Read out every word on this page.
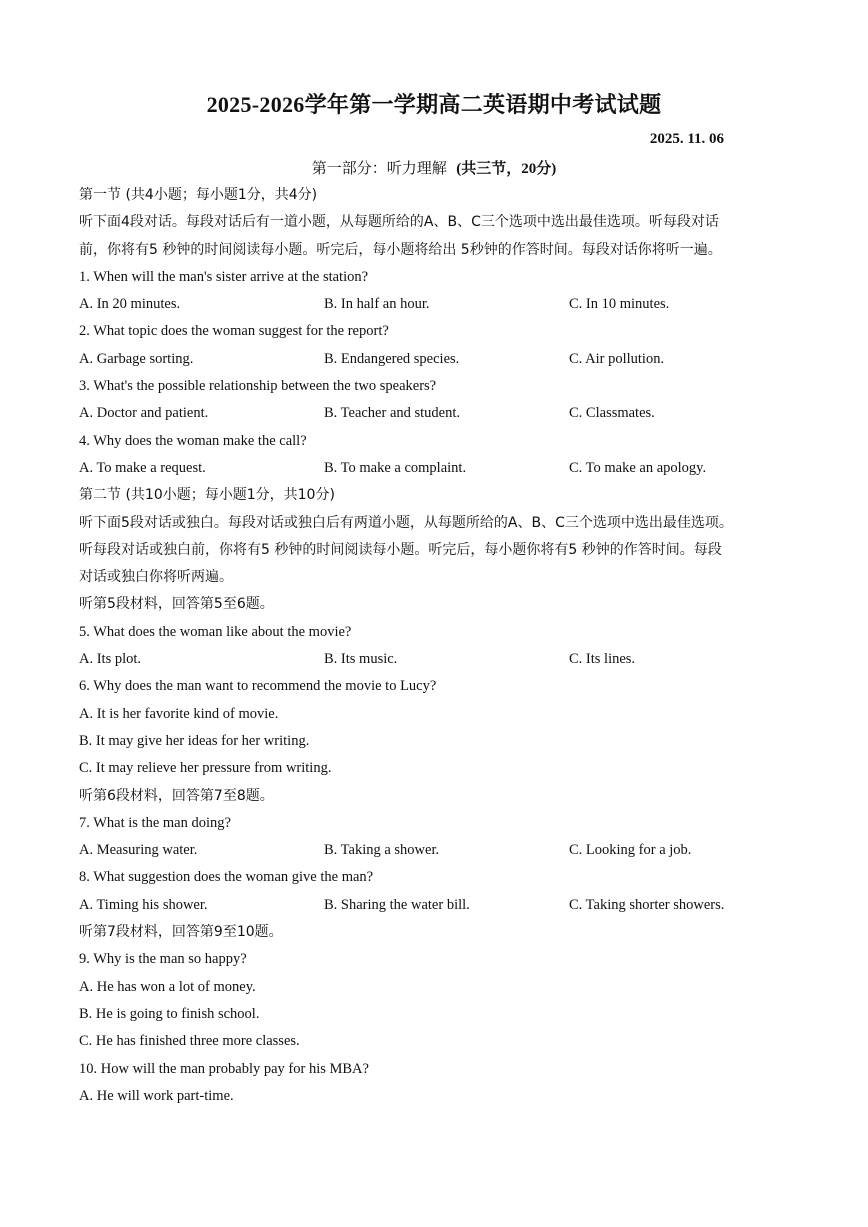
2025-2026学年第一学期高二英语期中考试试题
2025. 11. 06
第一部分：听力理解 (共三节，20分)
第一节 (共4小题；每小题1分，共4分)
听下面4段对话。每段对话后有一道小题，从每题所给的A、B、C三个选项中选出最佳选项。听每段对话
前，你将有5 秒钟的时间阅读每小题。听完后，每小题将给出 5秒钟的作答时间。每段对话你将听一遍。
1. When will the man's sister arrive at the station?
A. In 20 minutes.	B. In half an hour.	C. In 10 minutes.
2. What topic does the woman suggest for the report?
A. Garbage sorting.	B. Endangered species.	C. Air pollution.
3. What's the possible relationship between the two speakers?
A. Doctor and patient.	B. Teacher and student.	C. Classmates.
4. Why does the woman make the call?
A. To make a request.	B. To make a complaint.	C. To make an apology.
第二节 (共10小题；每小题1分，共10分)
听下面5段对话或独白。每段对话或独白后有两道小题，从每题所给的A、B、C三个选项中选出最佳选项。
听每段对话或独白前，你将有5 秒钟的时间阅读每小题。听完后，每小题你将有5 秒钟的作答时间。每段
对话或独白你将听两遍。
听第5段材料，回答第5至6题。
5. What does the woman like about the movie?
A. Its plot.	B. Its music.	C. Its lines.
6. Why does the man want to recommend the movie to Lucy?
A. It is her favorite kind of movie.
B. It may give her ideas for her writing.
C. It may relieve her pressure from writing.
听第6段材料，回答第7至8题。
7. What is the man doing?
A. Measuring water.	B. Taking a shower.	C. Looking for a job.
8. What suggestion does the woman give the man?
A. Timing his shower.	B. Sharing the water bill.	C. Taking shorter showers.
听第7段材料，回答第9至10题。
9. Why is the man so happy?
A. He has won a lot of money.
B. He is going to finish school.
C. He has finished three more classes.
10. How will the man probably pay for his MBA?
A. He will work part-time.
